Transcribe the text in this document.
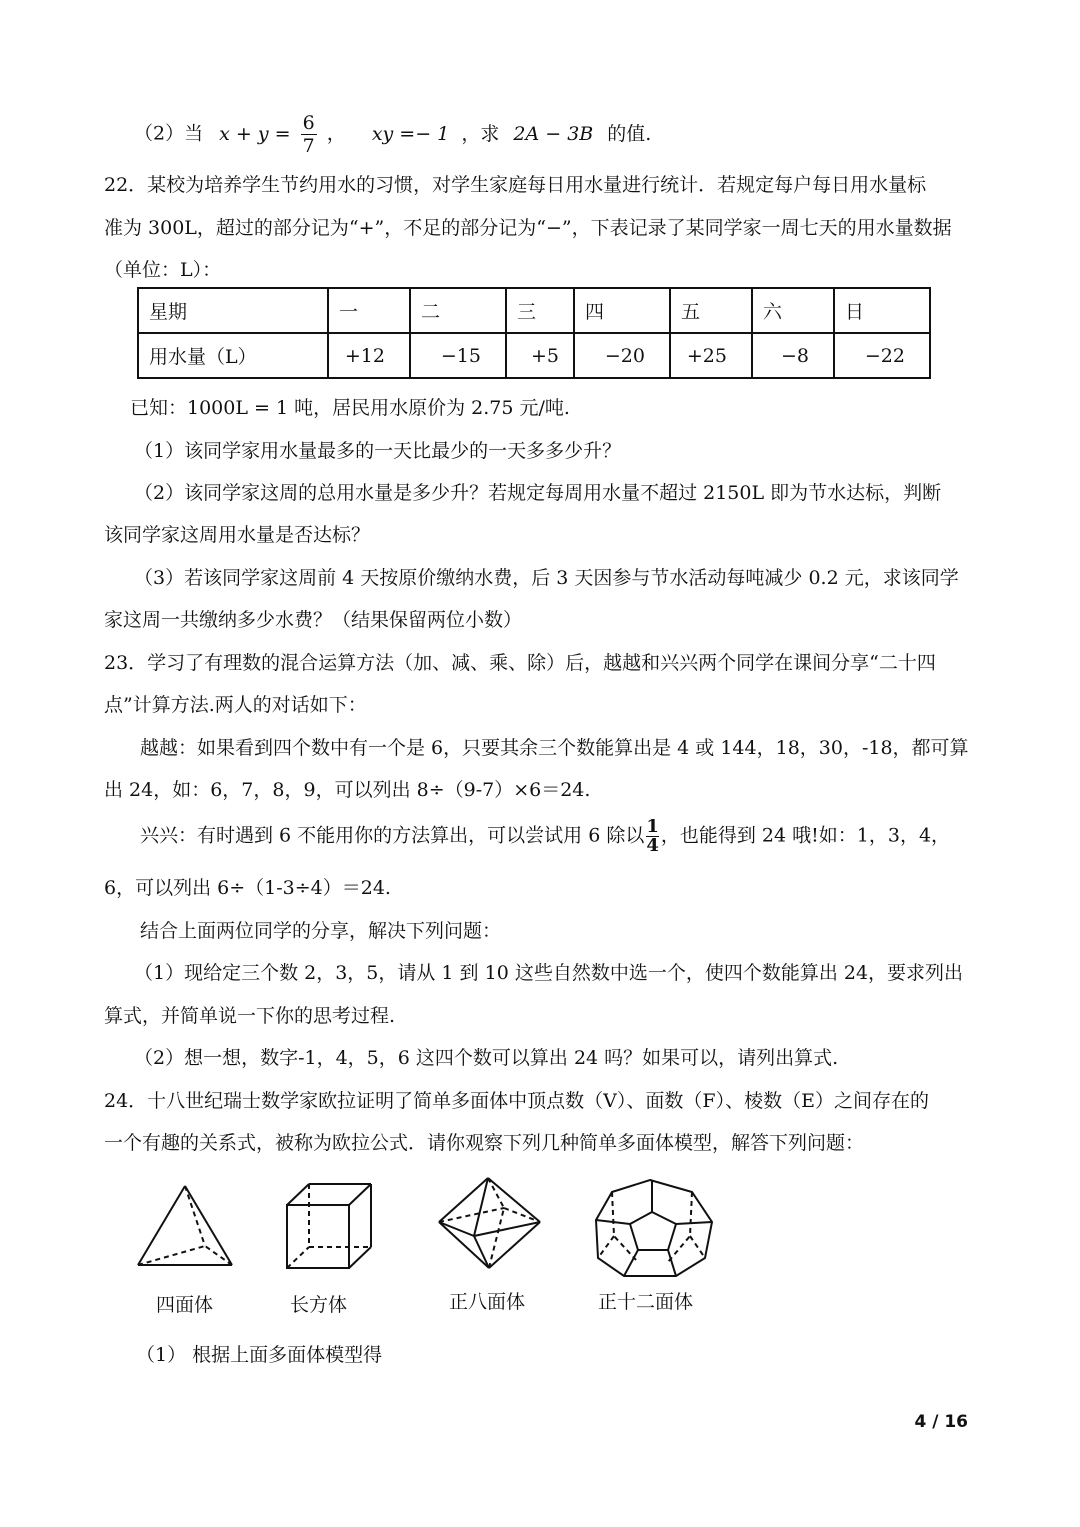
（2）当 $x + y = \frac{6}{7}$ ， xy =− 1 ，求 2A − 3B 的值.
22．某校为培养学生节约用水的习惯，对学生家庭每日用水量进行统计．若规定每户每日用水量标
准为 300L，超过的部分记为“+”，不足的部分记为“−”，下表记录了某同学家一周七天的用水量数据
（单位：L）：
星期	一	二	三	四	五	六	日
用水量（L）	+12	−15	+5	−20	+25	−8	−22
已知：1000L = 1 吨，居民用水原价为 2.75 元/吨.
（1）该同学家用水量最多的一天比最少的一天多多少升？
（2）该同学家这周的总用水量是多少升？若规定每周用水量不超过 2150L 即为节水达标，判断
该同学家这周用水量是否达标？
（3）若该同学家这周前 4 天按原价缴纳水费，后 3 天因参与节水活动每吨减少 0.2 元，求该同学
家这周一共缴纳多少水费？（结果保留两位小数）
23．学习了有理数的混合运算方法（加、减、乘、除）后，越越和兴兴两个同学在课间分享“二十四
点”计算方法.两人的对话如下：
越越：如果看到四个数中有一个是 6，只要其余三个数能算出是 4 或 144，18，30，-18，都可算
出 24，如：6，7，8，9，可以列出 8÷（9-7）×6＝24.
兴兴：有时遇到 6 不能用你的方法算出，可以尝试用 6 除以 $\frac{1}{4}$ ，也能得到 24 哦!如：1，3，4，
6，可以列出 6÷（1-3÷4）＝24.
结合上面两位同学的分享，解决下列问题：
（1）现给定三个数 2，3，5，请从 1 到 10 这些自然数中选一个，使四个数能算出 24，要求列出
算式，并简单说一下你的思考过程.
（2）想一想，数字-1，4，5，6 这四个数可以算出 24 吗？如果可以，请列出算式.
24．十八世纪瑞士数学家欧拉证明了简单多面体中顶点数（V）、面数（F）、棱数（E）之间存在的
一个有趣的关系式，被称为欧拉公式．请你观察下列几种简单多面体模型，解答下列问题：
四面体	长方体	正八面体	正十二面体
（1） 根据上面多面体模型得
4 / 16
